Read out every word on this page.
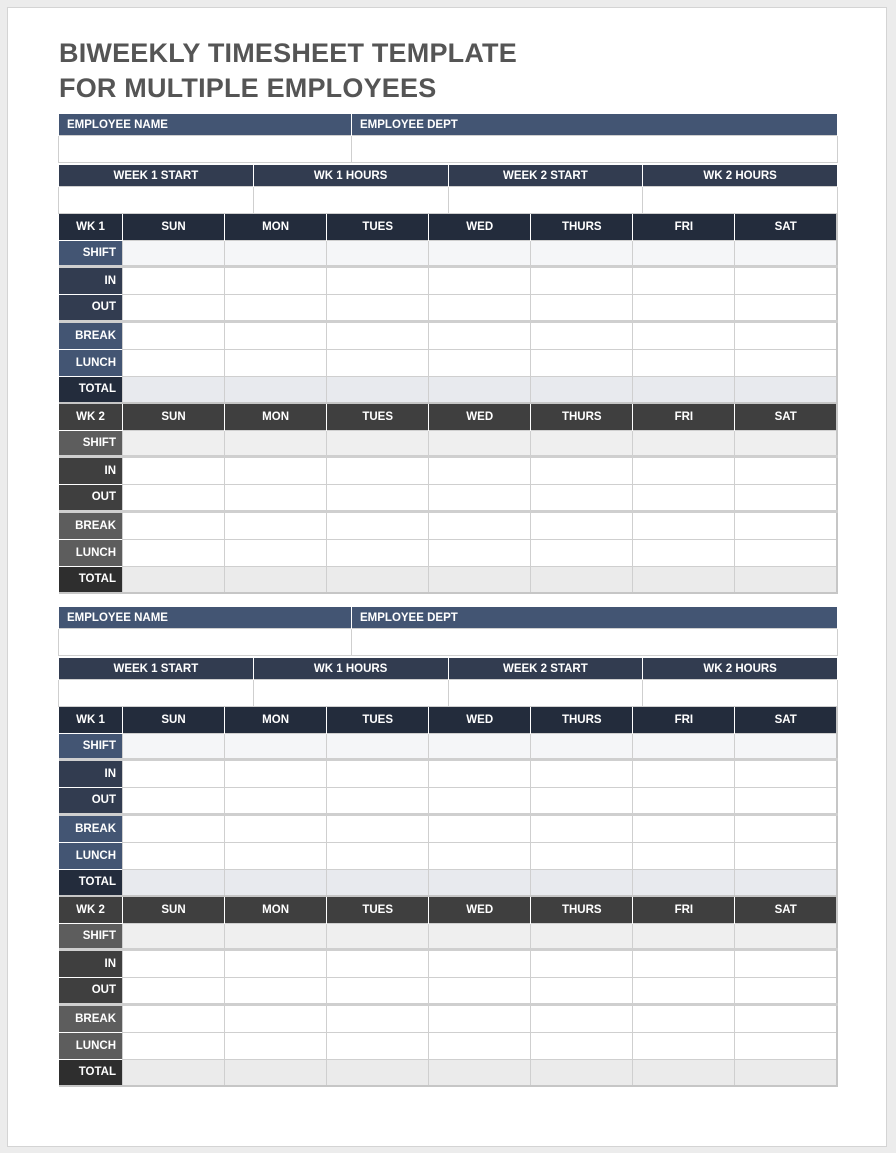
BIWEEKLY TIMESHEET TEMPLATE
FOR MULTIPLE EMPLOYEES
EMPLOYEE NAME	EMPLOYEE DEPT

WEEK 1 START	WK 1 HOURS	WEEK 2 START	WK 2 HOURS

WK 1	SUN	MON	TUES	WED	THURS	FRI	SAT
SHIFT							
IN							
OUT							
BREAK							
LUNCH							
TOTAL							
WK 2	SUN	MON	TUES	WED	THURS	FRI	SAT
SHIFT							
IN							
OUT							
BREAK							
LUNCH							
TOTAL							
EMPLOYEE NAME	EMPLOYEE DEPT

WEEK 1 START	WK 1 HOURS	WEEK 2 START	WK 2 HOURS

WK 1	SUN	MON	TUES	WED	THURS	FRI	SAT
SHIFT							
IN							
OUT							
BREAK							
LUNCH							
TOTAL							
WK 2	SUN	MON	TUES	WED	THURS	FRI	SAT
SHIFT							
IN							
OUT							
BREAK							
LUNCH							
TOTAL							
